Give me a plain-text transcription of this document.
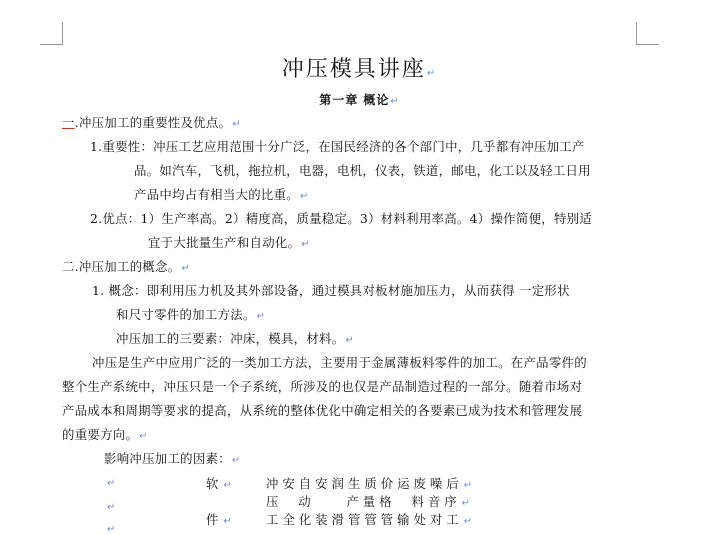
冲压模具讲座↵
第一章 概论↵
一.冲压加工的重要性及优点。↵
1.重要性：冲压工艺应用范围十分广泛，在国民经济的各个部门中，几乎都有冲压加工产
品。如汽车，飞机，拖拉机，电器，电机，仪表，铁道，邮电，化工以及轻工日用
产品中均占有相当大的比重。↵
2.优点：1）生产率高。2）精度高，质量稳定。3）材料利用率高。4）操作简便，特别适
宜于大批量生产和自动化。↵
二.冲压加工的概念。↵
1. 概念：即利用压力机及其外部设备，通过模具对板材施加压力，从而获得 一定形状
和尺寸零件的加工方法。↵
冲压加工的三要素：冲床，模具，材料。↵
冲压是生产中应用广泛的一类加工方法，主要用于金属薄板料零件的加工。在产品零件的
整个生产系统中，冲压只是一个子系统，所涉及的也仅是产品制造过程的一部分。随着市场对
产品成本和周期等要求的提高，从系统的整体优化中确定相关的各要素已成为技术和管理发展
的重要方向。↵
影响冲压加工的因素：↵
↵
↵
↵
软↵
件↵
冲安自安润生质价运废噪后↵
压  动    产量格  料音序↵
工全化装滑管管管输处对工↵
